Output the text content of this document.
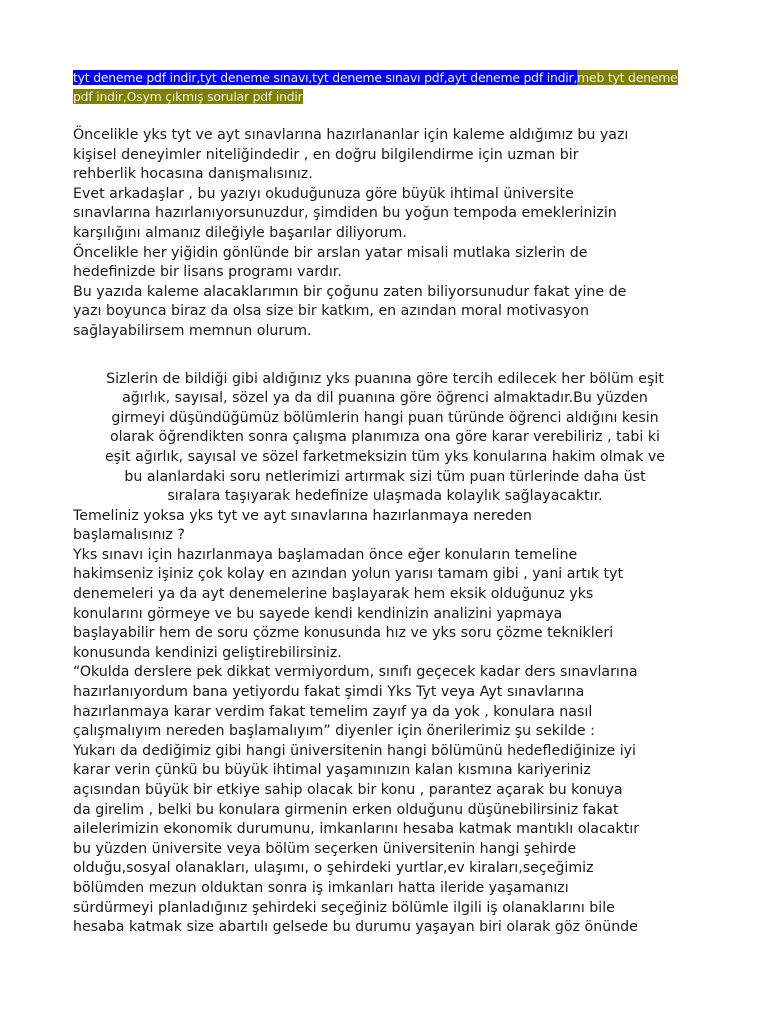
tyt deneme pdf indir,tyt deneme sınavı,tyt deneme sınavı pdf,ayt deneme pdf indir,meb tyt deneme pdf indir,Osym çıkmış sorular pdf indir

Öncelikle yks tyt ve ayt sınavlarına hazırlananlar için kaleme aldığımız bu yazı
kişisel deneyimler niteliğindedir , en doğru bilgilendirme için uzman bir
rehberlik hocasına danışmalısınız.
Evet arkadaşlar , bu yazıyı okuduğunuza göre büyük ihtimal üniversite
sınavlarına hazırlanıyorsunuzdur, şimdiden bu yoğun tempoda emeklerinizin
karşılığını almanız dileğiyle başarılar diliyorum.
Öncelikle her yiğidin gönlünde bir arslan yatar misali mutlaka sizlerin de
hedefinizde bir lisans programı vardır.
Bu yazıda kaleme alacaklarımın bir çoğunu zaten biliyorsunudur fakat yine de
yazı boyunca biraz da olsa size bir katkım, en azından moral motivasyon
sağlayabilirsem memnun olurum.

Sizlerin de bildiği gibi aldığınız yks puanına göre tercih edilecek her bölüm eşit
ağırlık, sayısal, sözel ya da dil puanına göre öğrenci almaktadır.Bu yüzden
girmeyi düşündüğümüz bölümlerin hangi puan türünde öğrenci aldığını kesin
olarak öğrendikten sonra çalışma planımıza ona göre karar verebiliriz , tabi ki
eşit ağırlık, sayısal ve sözel farketmeksizin tüm yks konularına hakim olmak ve
bu alanlardaki soru netlerimizi artırmak sizi tüm puan türlerinde daha üst
sıralara taşıyarak hedefinize ulaşmada kolaylık sağlayacaktır.

Temeliniz yoksa yks tyt ve ayt sınavlarına hazırlanmaya nereden
başlamalısınız ?
Yks sınavı için hazırlanmaya başlamadan önce eğer konuların temeline
hakimseniz işiniz çok kolay en azından yolun yarısı tamam gibi , yani artık tyt
denemeleri ya da ayt denemelerine başlayarak hem eksik olduğunuz yks
konularını görmeye ve bu sayede kendi kendinizin analizini yapmaya
başlayabilir hem de soru çözme konusunda hız ve yks soru çözme teknikleri
konusunda kendinizi geliştirebilirsiniz.
“Okulda derslere pek dikkat vermiyordum, sınıfı geçecek kadar ders sınavlarına
hazırlanıyordum bana yetiyordu fakat şimdi Yks Tyt veya Ayt sınavlarına
hazırlanmaya karar verdim fakat temelim zayıf ya da yok , konulara nasıl
çalışmalıyım nereden başlamalıyım” diyenler için önerilerimiz şu sekilde :
Yukarı da dediğimiz gibi hangi üniversitenin hangi bölümünü hedeflediğinize iyi
karar verin çünkü bu büyük ihtimal yaşamınızın kalan kısmına kariyeriniz
açısından büyük bir etkiye sahip olacak bir konu , parantez açarak bu konuya
da girelim , belki bu konulara girmenin erken olduğunu düşünebilirsiniz fakat
ailelerimizin ekonomik durumunu, imkanlarını hesaba katmak mantıklı olacaktır
bu yüzden üniversite veya bölüm seçerken üniversitenin hangi şehirde
olduğu,sosyal olanakları, ulaşımı, o şehirdeki yurtlar,ev kiraları,seçeğimiz
bölümden mezun olduktan sonra iş imkanları hatta ileride yaşamanızı
sürdürmeyi planladığınız şehirdeki seçeğiniz bölümle ilgili iş olanaklarını bile
hesaba katmak size abartılı gelsede bu durumu yaşayan biri olarak göz önünde
